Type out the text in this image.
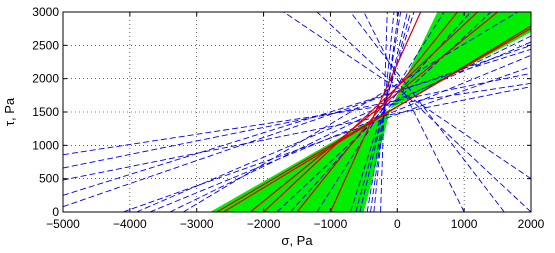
−5000	−4000	−3000	−2000	−1000	0	1000	2000
0
500
1000
1500
2000
2500
3000
σ, Pa
τ, Pa
